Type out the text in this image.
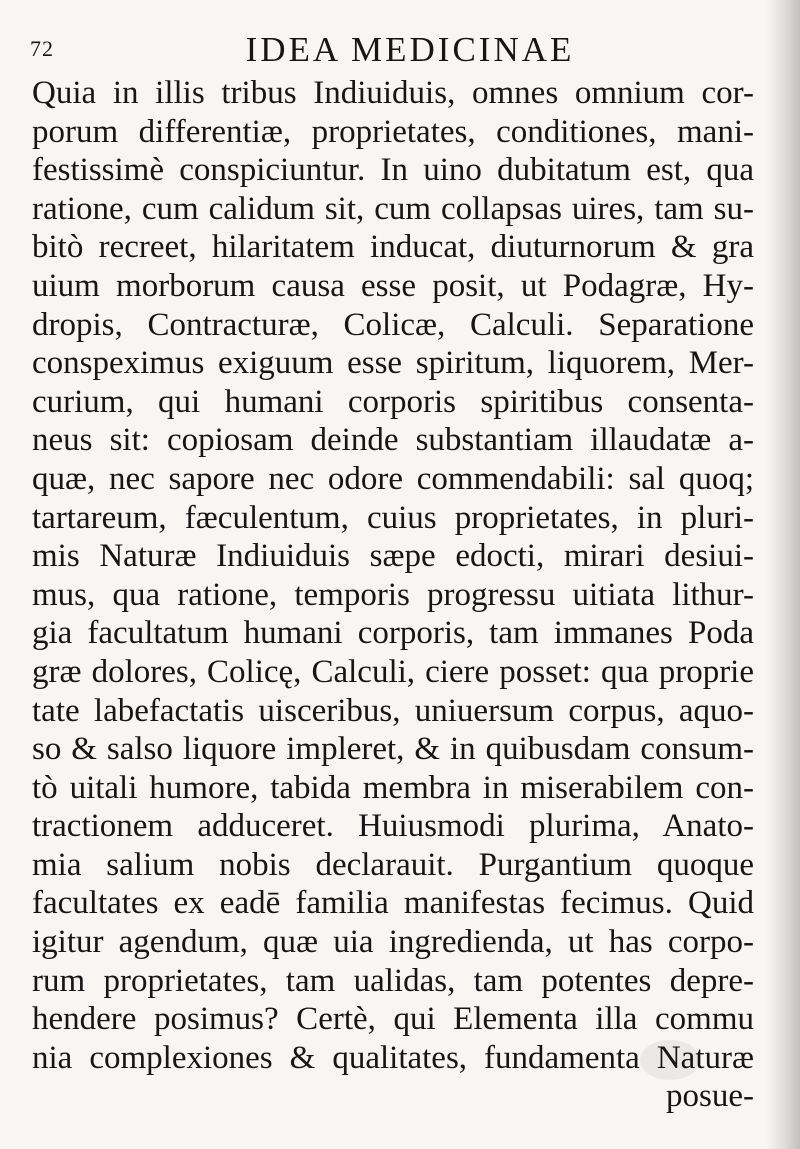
72	IDEA MEDICINAE
Quia in illis tribus Indiuiduis, omnes omnium cor-
porum differentiæ, proprietates, conditiones, mani-
festissimè conspiciuntur. In uino dubitatum est, qua
ratione, cum calidum sit, cum collapsas uires, tam su-
bitò recreet, hilaritatem inducat, diuturnorum & gra
uium morborum causa esse posit, ut Podagræ, Hy-
dropis, Contracturæ, Colicæ, Calculi. Separatione
conspeximus exiguum esse spiritum, liquorem, Mer-
curium, qui humani corporis spiritibus consenta-
neus sit: copiosam deinde substantiam illaudatæ a-
quæ, nec sapore nec odore commendabili: sal quoq;
tartareum, fæculentum, cuius proprietates, in pluri-
mis Naturæ Indiuiduis sæpe edocti, mirari desiui-
mus, qua ratione, temporis progressu uitiata lithur-
gia facultatum humani corporis, tam immanes Poda
græ dolores, Colicę, Calculi, ciere posset: qua proprie
tate labefactatis uisceribus, uniuersum corpus, aquo-
so & salso liquore impleret, & in quibusdam consum-
tò uitali humore, tabida membra in miserabilem con-
tractionem adduceret. Huiusmodi plurima, Anato-
mia salium nobis declarauit. Purgantium quoque
facultates ex eadē familia manifestas fecimus. Quid
igitur agendum, quæ uia ingredienda, ut has corpo-
rum proprietates, tam ualidas, tam potentes depre-
hendere posimus? Certè, qui Elementa illa commu
nia complexiones & qualitates, fundamenta Naturæ
posue-
